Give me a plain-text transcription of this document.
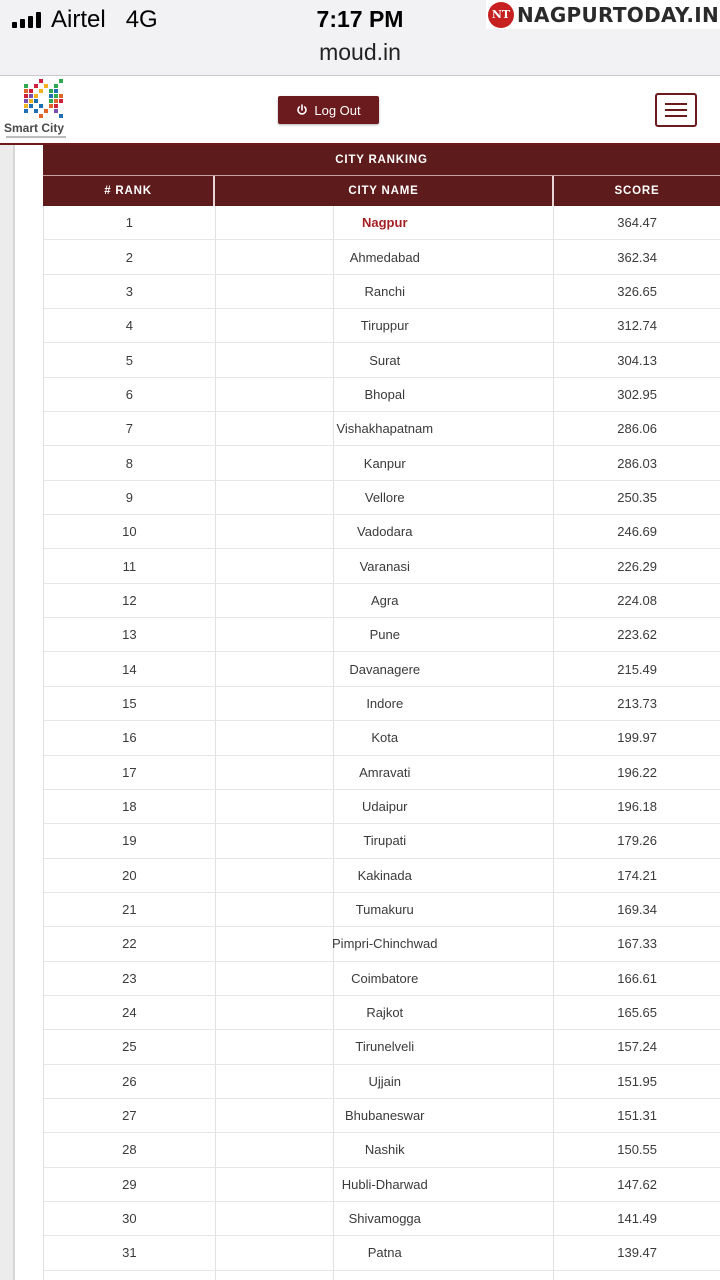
Airtel 4G	7:17 PM
moud.in
NT NAGPURTODAY.IN
Smart City
Log Out
CITY RANKING
# RANK	CITY NAME	SCORE
1	Nagpur	364.47
2	Ahmedabad	362.34
3	Ranchi	326.65
4	Tiruppur	312.74
5	Surat	304.13
6	Bhopal	302.95
7	Vishakhapatnam	286.06
8	Kanpur	286.03
9	Vellore	250.35
10	Vadodara	246.69
11	Varanasi	226.29
12	Agra	224.08
13	Pune	223.62
14	Davanagere	215.49
15	Indore	213.73
16	Kota	199.97
17	Amravati	196.22
18	Udaipur	196.18
19	Tirupati	179.26
20	Kakinada	174.21
21	Tumakuru	169.34
22	Pimpri-Chinchwad	167.33
23	Coimbatore	166.61
24	Rajkot	165.65
25	Tirunelveli	157.24
26	Ujjain	151.95
27	Bhubaneswar	151.31
28	Nashik	150.55
29	Hubli-Dharwad	147.62
30	Shivamogga	141.49
31	Patna	139.47
